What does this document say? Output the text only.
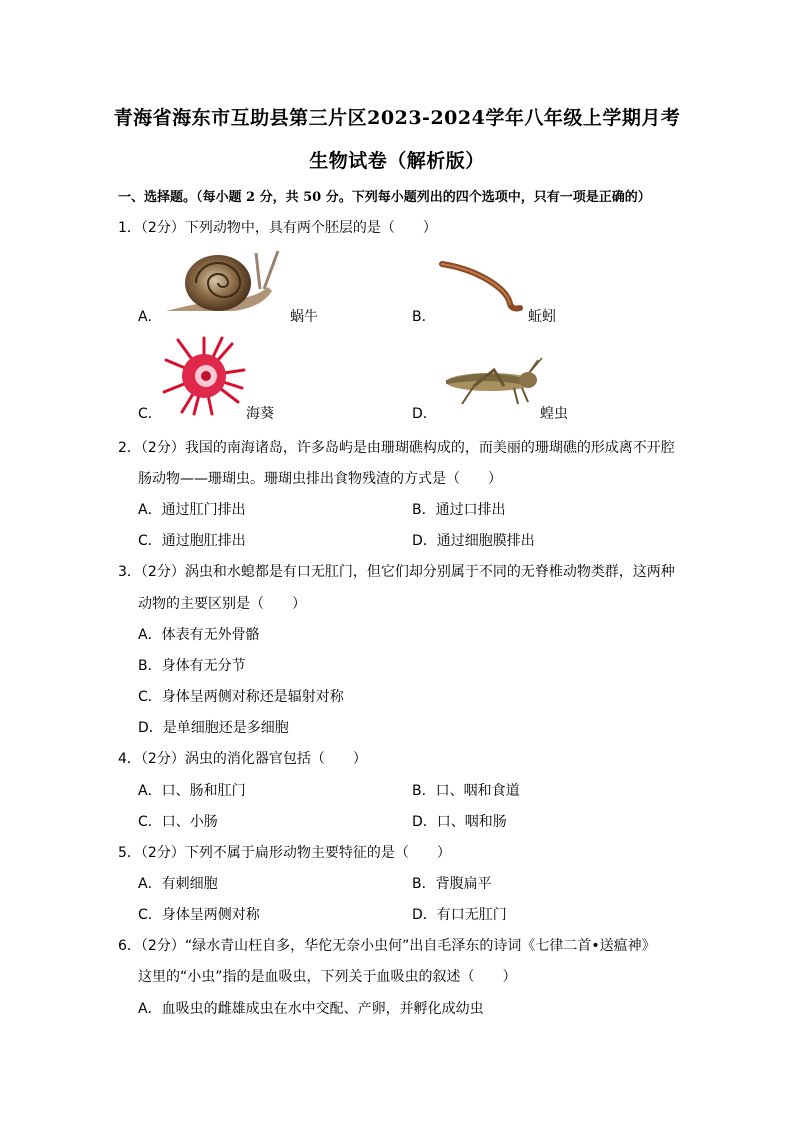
青海省海东市互助县第三片区2023-2024学年八年级上学期月考
生物试卷（解析版）
一、选择题。（每小题 2 分，共 50 分。下列每小题列出的四个选项中，只有一项是正确的）
1．（2分）下列动物中，具有两个胚层的是（　　）
A．	蜗牛	B．	蚯蚓
C．	海葵	D．	蝗虫
2．（2分）我国的南海诸岛，许多岛屿是由珊瑚礁构成的，而美丽的珊瑚礁的形成离不开腔
肠动物——珊瑚虫。珊瑚虫排出食物残渣的方式是（　　）
A．通过肛门排出	B．通过口排出
C．通过胞肛排出	D．通过细胞膜排出
3．（2分）涡虫和水螅都是有口无肛门，但它们却分别属于不同的无脊椎动物类群，这两种
动物的主要区别是（　　）
A．体表有无外骨骼
B．身体有无分节
C．身体呈两侧对称还是辐射对称
D．是单细胞还是多细胞
4．（2分）涡虫的消化器官包括（　　）
A．口、肠和肛门	B．口、咽和食道
C．口、小肠	D．口、咽和肠
5．（2分）下列不属于扁形动物主要特征的是（　　）
A．有刺细胞	B．背腹扁平
C．身体呈两侧对称	D．有口无肛门
6．（2分）“绿水青山枉自多，华佗无奈小虫何”出自毛泽东的诗词《七律二首•送瘟神》
这里的“小虫”指的是血吸虫，下列关于血吸虫的叙述（　　）
A．血吸虫的雌雄成虫在水中交配、产卵，并孵化成幼虫
